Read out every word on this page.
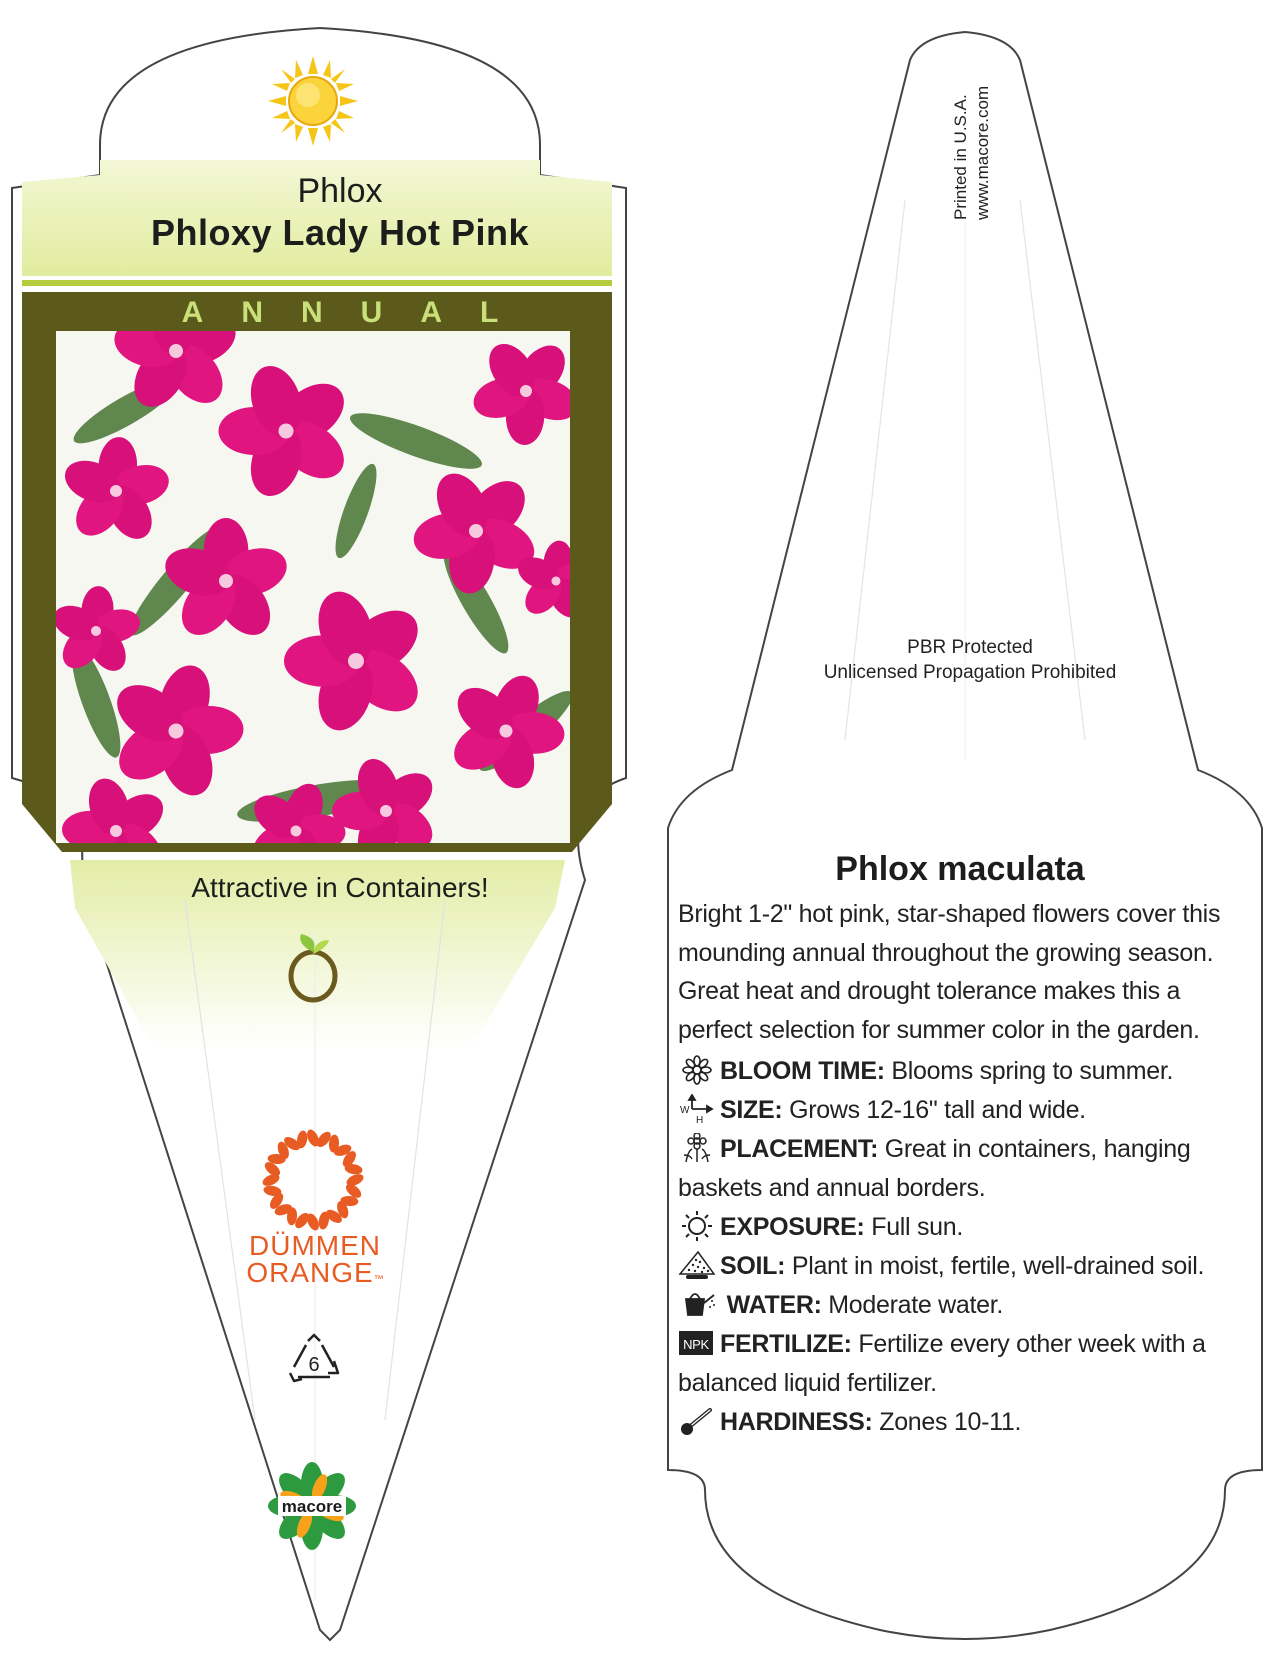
Phlox
Phloxy Lady Hot Pink
ANNUAL
Attractive in Containers!
DÜMMEN
ORANGE™
6
macore
Printed in U.S.A. www.macore.com
PBR Protected
Unlicensed Propagation Prohibited
Phlox maculata
Bright 1-2" hot pink, star-shaped flowers cover this mounding annual throughout the growing season. Great heat and drought tolerance makes this a perfect selection for summer color in the garden.
BLOOM TIME: Blooms spring to summer.
W
H SIZE: Grows 12-16" tall and wide.
PLACEMENT: Great in containers, hanging baskets and annual borders.
EXPOSURE: Full sun.
SOIL: Plant in moist, fertile, well-drained soil.
WATER: Moderate water.
NPK FERTILIZE: Fertilize every other week with a balanced liquid fertilizer.
HARDINESS: Zones 10-11.
